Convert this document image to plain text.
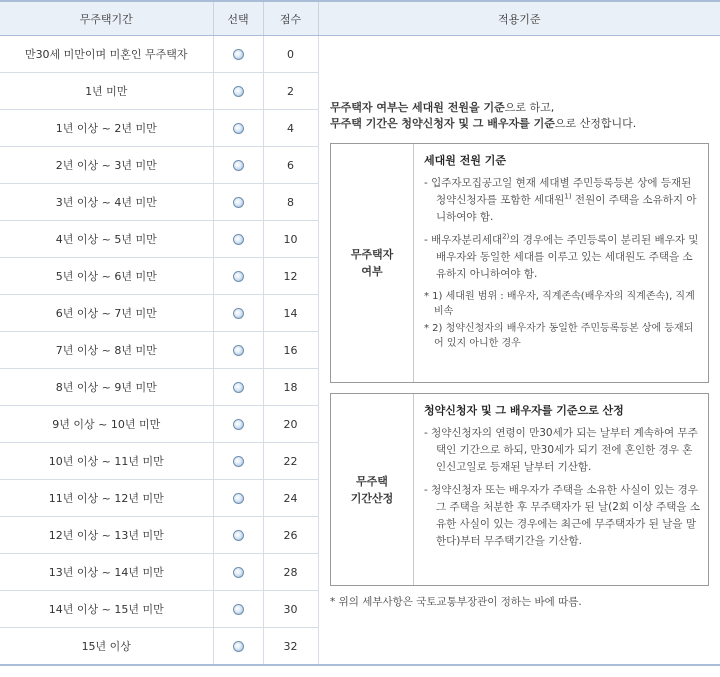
무주택기간	선택	점수	적용기준
만30세 미만이며 미혼인 무주택자		0	
1년 미만		2	
1년 이상 ~ 2년 미만		4	
2년 이상 ~ 3년 미만		6	
3년 이상 ~ 4년 미만		8	
4년 이상 ~ 5년 미만		10	
5년 이상 ~ 6년 미만		12	
6년 이상 ~ 7년 미만		14	
7년 이상 ~ 8년 미만		16	
8년 이상 ~ 9년 미만		18	
9년 이상 ~ 10년 미만		20	
10년 이상 ~ 11년 미만		22	
11년 이상 ~ 12년 미만		24	
12년 이상 ~ 13년 미만		26	
13년 이상 ~ 14년 미만		28	
14년 이상 ~ 15년 미만		30	
15년 이상		32	
무주택자 여부는 세대원 전원을 기준으로 하고,
무주택 기간은 청약신청자 및 그 배우자를 기준으로 산정합니다.
무주택자
여부
세대원 전원 기준
- 입주자모집공고일 현재 세대별 주민등록등본 상에 등재된 청약신청자를 포함한 세대원$^{1)}$ 전원이 주택을 소유하지 아니하여야 함.
- 배우자분리세대$^{2)}$의 경우에는 주민등록이 분리된 배우자 및 배우자와 동일한 세대를 이루고 있는 세대원도 주택을 소유하지 아니하여야 함.
* 1) 세대원 범위 : 배우자, 직계존속(배우자의 직계존속), 직계비속
* 2) 청약신청자의 배우자가 동일한 주민등록등본 상에 등재되어 있지 아니한 경우
무주택
기간산정
청약신청자 및 그 배우자를 기준으로 산정
- 청약신청자의 연령이 만30세가 되는 날부터 계속하여 무주택인 기간으로 하되, 만30세가 되기 전에 혼인한 경우 혼인신고일로 등재된 날부터 기산함.
- 청약신청자 또는 배우자가 주택을 소유한 사실이 있는 경우 그 주택을 처분한 후 무주택자가 된 날(2회 이상 주택을 소유한 사실이 있는 경우에는 최근에 무주택자가 된 날을 말한다)부터 무주택기간을 기산함.
* 위의 세부사항은 국토교통부장관이 정하는 바에 따름.
